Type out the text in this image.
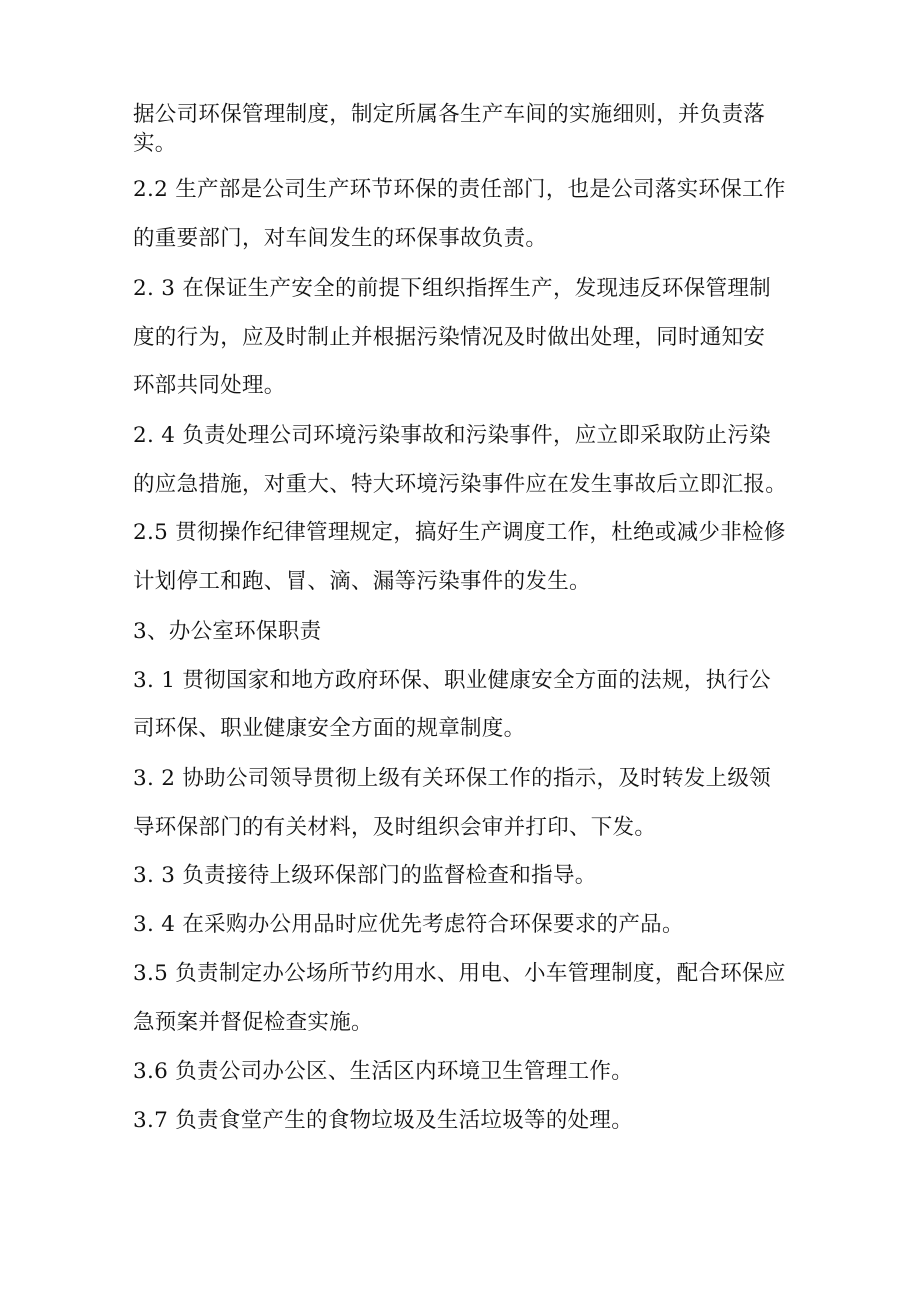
据公司环保管理制度，制定所属各生产车间的实施细则，并负责落

实。

2.2 生产部是公司生产环节环保的责任部门，也是公司落实环保工作

的重要部门，对车间发生的环保事故负责。

2. 3 在保证生产安全的前提下组织指挥生产，发现违反环保管理制

度的行为，应及时制止并根据污染情况及时做出处理，同时通知安

环部共同处理。

2. 4 负责处理公司环境污染事故和污染事件，应立即采取防止污染

的应急措施，对重大、特大环境污染事件应在发生事故后立即汇报。

2.5 贯彻操作纪律管理规定，搞好生产调度工作，杜绝或减少非检修

计划停工和跑、冒、滴、漏等污染事件的发生。

3、办公室环保职责

3. 1 贯彻国家和地方政府环保、职业健康安全方面的法规，执行公

司环保、职业健康安全方面的规章制度。

3. 2 协助公司领导贯彻上级有关环保工作的指示，及时转发上级领

导环保部门的有关材料，及时组织会审并打印、下发。

3. 3 负责接待上级环保部门的监督检查和指导。

3. 4 在采购办公用品时应优先考虑符合环保要求的产品。

3.5 负责制定办公场所节约用水、用电、小车管理制度，配合环保应

急预案并督促检查实施。

3.6 负责公司办公区、生活区内环境卫生管理工作。

3.7 负责食堂产生的食物垃圾及生活垃圾等的处理。
